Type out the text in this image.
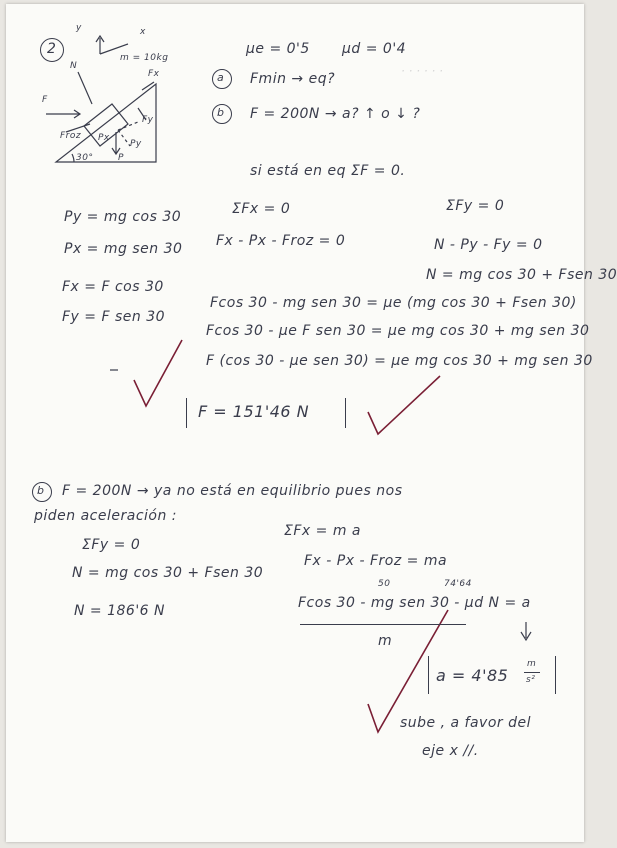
· · · · · ·
2	μe = 0'5 μd = 0'4
a Fmin → eq?
b F = 200N → a? ↑ o ↓ ?
x
y
N
m = 10kg
F
Fx
Fy
Froz
P
Px
Py
30°
si está en eq ΣF = 0.
ΣFx = 0	ΣFy = 0
Py = mg cos 30
Fx - Px - Froz = 0	N - Py - Fy = 0
Px = mg sen 30
N = mg cos 30 + Fsen 30
Fx = F cos 30
Fcos 30 - mg sen 30 = μe (mg cos 30 + Fsen 30)
Fy = F sen 30
Fcos 30 - μe F sen 30 = μe mg cos 30 + mg sen 30
F (cos 30 - μe sen 30) = μe mg cos 30 + mg sen 30
F = 151'46 N
b F = 200N → ya no está en equilibrio pues nos
piden aceleración :
ΣFx = m a
ΣFy = 0
Fx - Px - Froz = ma
N = mg cos 30 + Fsen 30
50	74'64
Fcos 30 - mg sen 30 - μd N = a
N = 186'6 N
m
a = 4'85
m
s²
sube , a favor del
eje x //.
